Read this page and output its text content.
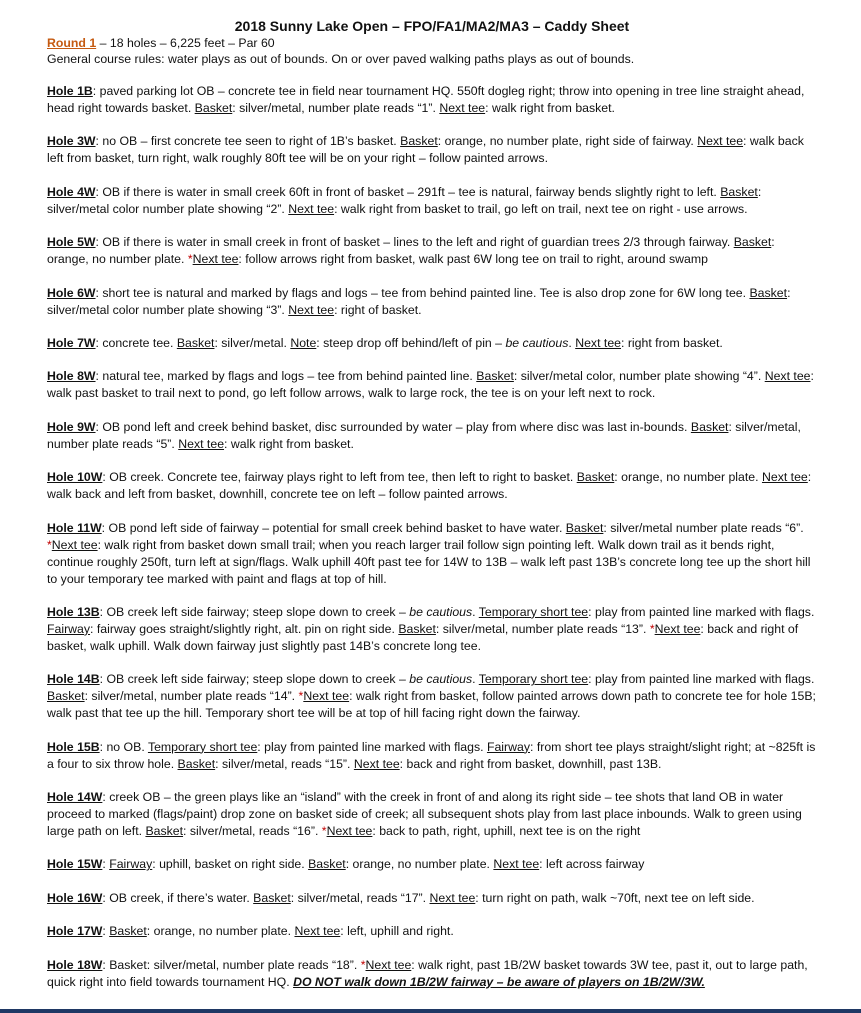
2018 Sunny Lake Open – FPO/FA1/MA2/MA3 – Caddy Sheet

Round 1 – 18 holes – 6,225 feet – Par 60

General course rules: water plays as out of bounds. On or over paved walking paths plays as out of bounds.

Hole 1B: paved parking lot OB – concrete tee in field near tournament HQ. 550ft dogleg right; throw into opening in tree line straight ahead, head right towards basket. Basket: silver/metal, number plate reads “1”. Next tee: walk right from basket.

Hole 3W: no OB – first concrete tee seen to right of 1B’s basket. Basket: orange, no number plate, right side of fairway. Next tee: walk back left from basket, turn right, walk roughly 80ft tee will be on your right – follow painted arrows.

Hole 4W: OB if there is water in small creek 60ft in front of basket – 291ft – tee is natural, fairway bends slightly right to left. Basket: silver/metal color number plate showing “2”. Next tee: walk right from basket to trail, go left on trail, next tee on right - use arrows.

Hole 5W: OB if there is water in small creek in front of basket – lines to the left and right of guardian trees 2/3 through fairway. Basket: orange, no number plate. *Next tee: follow arrows right from basket, walk past 6W long tee on trail to right, around swamp

Hole 6W: short tee is natural and marked by flags and logs – tee from behind painted line. Tee is also drop zone for 6W long tee. Basket: silver/metal color number plate showing “3”. Next tee: right of basket.

Hole 7W: concrete tee. Basket: silver/metal. Note: steep drop off behind/left of pin – be cautious. Next tee: right from basket.

Hole 8W: natural tee, marked by flags and logs – tee from behind painted line. Basket: silver/metal color, number plate showing “4”. Next tee: walk past basket to trail next to pond, go left follow arrows, walk to large rock, the tee is on your left next to rock.

Hole 9W: OB pond left and creek behind basket, disc surrounded by water – play from where disc was last in-bounds. Basket: silver/metal, number plate reads “5”. Next tee: walk right from basket.

Hole 10W: OB creek. Concrete tee, fairway plays right to left from tee, then left to right to basket. Basket: orange, no number plate. Next tee: walk back and left from basket, downhill, concrete tee on left – follow painted arrows.

Hole 11W: OB pond left side of fairway – potential for small creek behind basket to have water. Basket: silver/metal number plate reads “6”. *Next tee: walk right from basket down small trail; when you reach larger trail follow sign pointing left. Walk down trail as it bends right, continue roughly 250ft, turn left at sign/flags. Walk uphill 40ft past tee for 14W to 13B – walk left past 13B’s concrete long tee up the short hill to your temporary tee marked with paint and flags at top of hill.

Hole 13B: OB creek left side fairway; steep slope down to creek – be cautious. Temporary short tee: play from painted line marked with flags. Fairway: fairway goes straight/slightly right, alt. pin on right side. Basket: silver/metal, number plate reads “13”. *Next tee: back and right of basket, walk uphill. Walk down fairway just slightly past 14B’s concrete long tee.

Hole 14B: OB creek left side fairway; steep slope down to creek – be cautious. Temporary short tee: play from painted line marked with flags. Basket: silver/metal, number plate reads “14”. *Next tee: walk right from basket, follow painted arrows down path to concrete tee for hole 15B; walk past that tee up the hill. Temporary short tee will be at top of hill facing right down the fairway.

Hole 15B: no OB. Temporary short tee: play from painted line marked with flags. Fairway: from short tee plays straight/slight right; at ~825ft is a four to six throw hole. Basket: silver/metal, reads “15”. Next tee: back and right from basket, downhill, past 13B.

Hole 14W: creek OB – the green plays like an “island” with the creek in front of and along its right side – tee shots that land OB in water proceed to marked (flags/paint) drop zone on basket side of creek; all subsequent shots play from last place inbounds. Walk to green using large path on left. Basket: silver/metal, reads “16”. *Next tee: back to path, right, uphill, next tee is on the right

Hole 15W: Fairway: uphill, basket on right side. Basket: orange, no number plate. Next tee: left across fairway

Hole 16W: OB creek, if there’s water. Basket: silver/metal, reads “17”. Next tee: turn right on path, walk ~70ft, next tee on left side.

Hole 17W: Basket: orange, no number plate. Next tee: left, uphill and right.

Hole 18W: Basket: silver/metal, number plate reads “18”. *Next tee: walk right, past 1B/2W basket towards 3W tee, past it, out to large path, quick right into field towards tournament HQ. DO NOT walk down 1B/2W fairway – be aware of players on 1B/2W/3W.
